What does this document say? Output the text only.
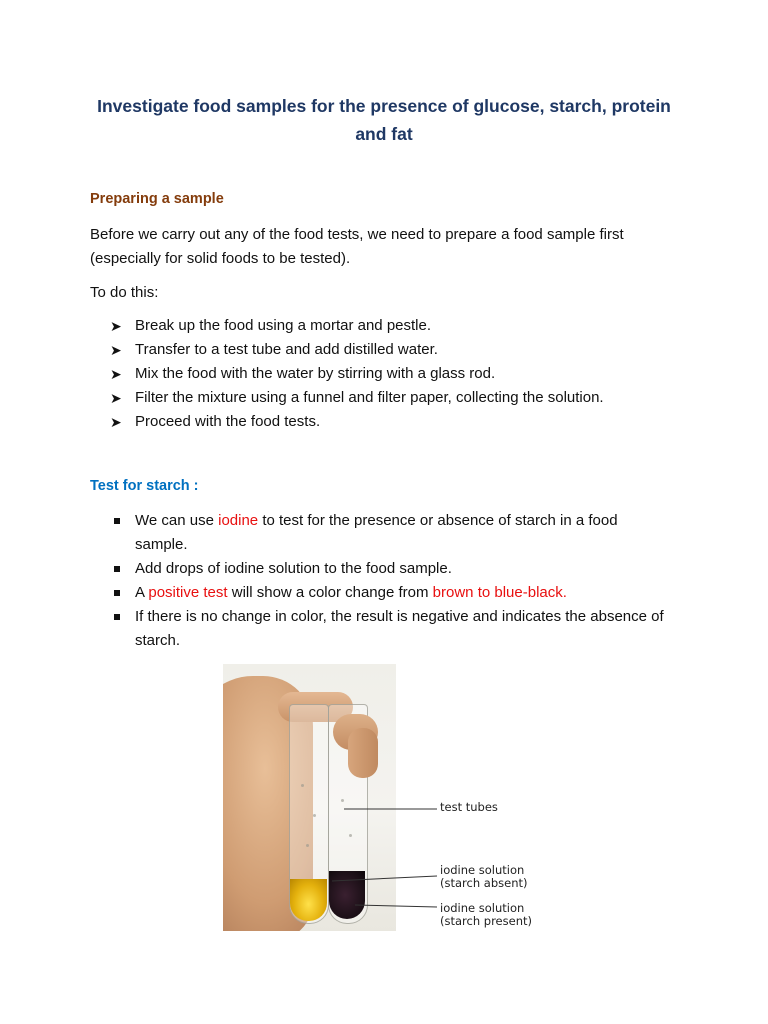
Investigate food samples for the presence of glucose, starch, protein
and fat
Preparing a sample

Before we carry out any of the food tests, we need to prepare a food sample first
(especially for solid foods to be tested).

To do this:

➤ Break up the food using a mortar and pestle.
➤ Transfer to a test tube and add distilled water.
➤ Mix the food with the water by stirring with a glass rod.
➤ Filter the mixture using a funnel and filter paper, collecting the solution.
➤ Proceed with the food tests.
Test for starch :
We can use iodine to test for the presence or absence of starch in a food sample.
Add drops of iodine solution to the food sample.
A positive test will show a color change from brown to blue-black.
If there is no change in color, the result is negative and indicates the absence of starch.
test tubes
iodine solution
(starch absent)
iodine solution
(starch present)
